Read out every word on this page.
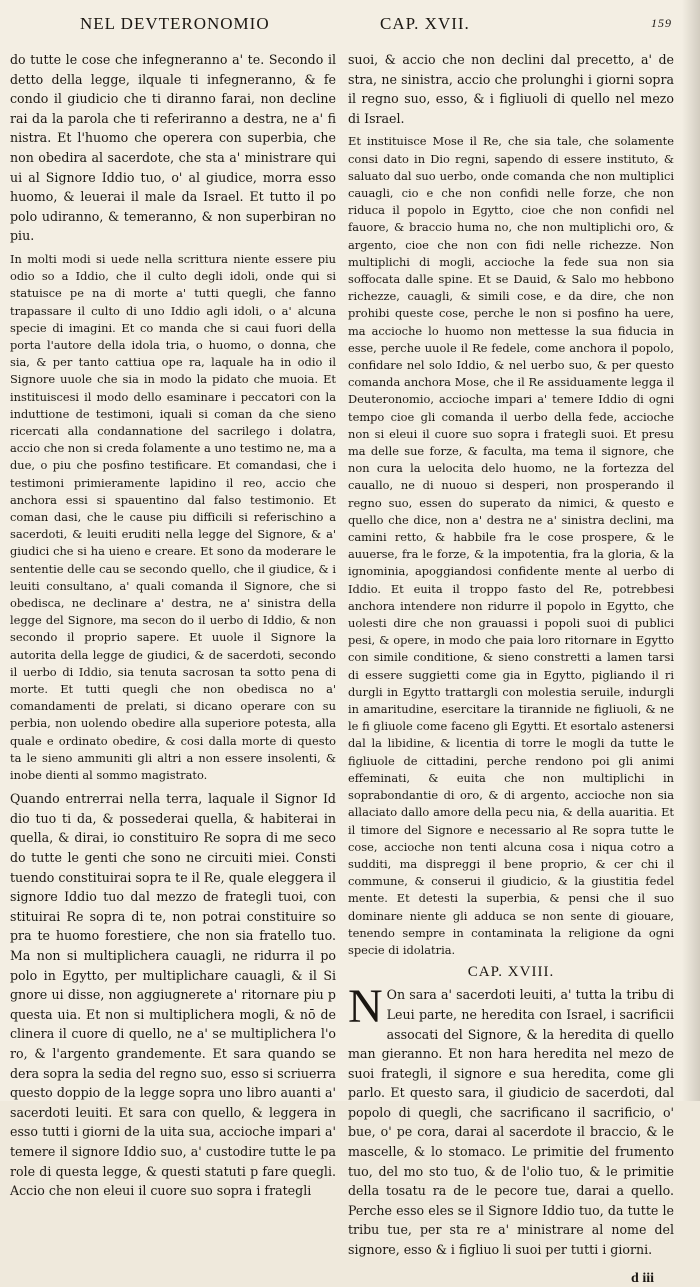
NEL DEVTERONOMIO	CAP. XVII.	159

do tutte le cose che infegneranno a' te. Secondo il detto della legge, ilquale ti infegneranno, & fe condo il giudicio che ti diranno farai, non decline rai da la parola che ti referiranno a destra, ne a' fi nistra. Et l'huomo che operera con superbia, che non obedira al sacerdote, che sta a' ministrare qui ui al Signore Iddio tuo, o' al giudice, morra esso huomo, & leuerai il male da Israel. Et tutto il po polo udiranno, & temeranno, & non superbiran no piu.

In molti modi si uede nella scrittura niente essere piu odio so a Iddio, che il culto degli idoli, onde qui si statuisce pe na di morte a' tutti quegli, che fanno trapassare il culto di uno Iddio agli idoli, o a' alcuna specie di imagini. Et co manda che si caui fuori della porta l'autore della idola tria, o huomo, o donna, che sia, & per tanto cattiua ope ra, laquale ha in odio il Signore uuole che sia in modo la pidato che muoia. Et instituiscesi il modo dello esaminare i peccatori con la induttione de testimoni, iquali si coman da che sieno ricercati alla condannatione del sacrilego i dolatra, accio che non si creda folamente a uno testimo ne, ma a due, o piu che posfino testificare. Et comandasi, che i testimoni primieramente lapidino il reo, accio che anchora essi si spauentino dal falso testimonio. Et coman dasi, che le cause piu difficili si referischino a sacerdoti, & leuiti eruditi nella legge del Signore, & a' giudici che si ha uieno e creare. Et sono da moderare le sententie delle cau se secondo quello, che il giudice, & i leuiti consultano, a' quali comanda il Signore, che si obedisca, ne declinare a' destra, ne a' sinistra della legge del Signore, ma secon do il uerbo di Iddio, & non secondo il proprio sapere. Et uuole il Signore la autorita della legge de giudici, & de sacerdoti, secondo il uerbo di Iddio, sia tenuta sacrosan ta sotto pena di morte. Et tutti quegli che non obedisca no a' comandamenti de prelati, si dicano operare con su perbia, non uolendo obedire alla superiore potesta, alla quale e ordinato obedire, & cosi dalla morte di questo ta le sieno ammuniti gli altri a non essere insolenti, & inobe dienti al sommo magistrato.

Quando entrerrai nella terra, laquale il Signor Id dio tuo ti da, & possederai quella, & habiterai in quella, & dirai, io constituiro Re sopra di me seco do tutte le genti che sono ne circuiti miei. Consti tuendo constituirai sopra te il Re, quale eleggera il signore Iddio tuo dal mezzo de frategli tuoi, con stituirai Re sopra di te, non potrai constituire so pra te huomo forestiere, che non sia fratello tuo. Ma non si multiplichera cauagli, ne ridurra il po polo in Egytto, per multiplichare cauagli, & il Si gnore ui disse, non aggiugnerete a' ritornare piu p questa uia. Et non si multiplichera mogli, & nō de clinera il cuore di quello, ne a' se multiplichera l'o ro, & l'argento grandemente. Et sara quando se dera sopra la sedia del regno suo, esso si scriuerra questo doppio de la legge sopra uno libro auanti a' sacerdoti leuiti. Et sara con quello, & leggera in esso tutti i giorni de la uita sua, accioche impari a' temere il signore Iddio suo, a' custodire tutte le pa role di questa legge, & questi statuti p fare quegli. Accio che non eleui il cuore suo sopra i frategli

suoi, & accio che non declini dal precetto, a' de stra, ne sinistra, accio che prolunghi i giorni sopra il regno suo, esso, & i figliuoli di quello nel mezo di Israel.

Et instituisce Mose il Re, che sia tale, che solamente consi dato in Dio regni, sapendo di essere instituto, & saluato dal suo uerbo, onde comanda che non multiplici cauagli, cio e che non confidi nelle forze, che non riduca il popolo in Egytto, cioe che non confidi nel fauore, & braccio huma no, che non multiplichi oro, & argento, cioe che non con fidi nelle richezze. Non multiplichi di mogli, accioche la fede sua non sia soffocata dalle spine. Et se Dauid, & Salo mo hebbono richezze, cauagli, & simili cose, e da dire, che non prohibi queste cose, perche le non si posfino ha uere, ma accioche lo huomo non mettesse la sua fiducia in esse, perche uuole il Re fedele, come anchora il popolo, confidare nel solo Iddio, & nel uerbo suo, & per questo comanda anchora Mose, che il Re assiduamente legga il Deuteronomio, accioche impari a' temere Iddio di ogni tempo cioe gli comanda il uerbo della fede, accioche non si eleui il cuore suo sopra i frategli suoi. Et presu ma delle sue forze, & faculta, ma tema il signore, che non cura la uelocita delo huomo, ne la fortezza del cauallo, ne di nuouo si desperi, non prosperando il regno suo, essen do superato da nimici, & questo e quello che dice, non a' destra ne a' sinistra declini, ma camini retto, & habbile fra le cose prospere, & le auuerse, fra le forze, & la impotentia, fra la gloria, & la ignominia, apoggiandosi confidente mente al uerbo di Iddio. Et euita il troppo fasto del Re, potrebbesi anchora intendere non ridurre il popolo in Egytto, che uolesti dire che non grauassi i popoli suoi di publici pesi, & opere, in modo che paia loro ritornare in Egytto con simile conditione, & sieno constretti a lamen tarsi di essere suggietti come gia in Egytto, pigliando il ri durgli in Egytto trattargli con molestia seruile, indurgli in amaritudine, esercitare la tirannide ne figliuoli, & ne le fi gliuole come faceno gli Egytti. Et esortalo astenersi dal la libidine, & licentia di torre le mogli da tutte le figliuole de cittadini, perche rendono poi gli animi effeminati, & euita che non multiplichi in soprabondantie di oro, & di argento, accioche non sia allaciato dallo amore della pecu nia, & della auaritia. Et il timore del Signore e necessario al Re sopra tutte le cose, accioche non tenti alcuna cosa i niqua cotro a sudditi, ma dispreggi il bene proprio, & cer chi il commune, & conserui il giudicio, & la giustitia fedel mente. Et detesti la superbia, & pensi che il suo dominare niente gli adduca se non sente di giouare, tenendo sempre in contaminata la religione da ogni specie di idolatria.

CAP. XVIII.

N On sara a' sacerdoti leuiti, a' tutta la tribu di Leui parte, ne heredita con Israel, i sacrificii assocati del Signore, & la heredita di quello man gieranno. Et non hara heredita nel mezo de suoi frategli, il signore e sua heredita, come gli parlo. Et questo sara, il giudicio de sacerdoti, dal popolo di quegli, che sacrificano il sacrificio, o' bue, o' pe cora, darai al sacerdote il braccio, & le mascelle, & lo stomaco. Le primitie del frumento tuo, del mo sto tuo, & de l'olio tuo, & le primitie della tosatu ra de le pecore tue, darai a quello. Perche esso eles se il Signore Iddio tuo, da tutte le tribu tue, per sta re a' ministrare al nome del signore, esso & i figliuo li suoi per tutti i giorni.

d iii
